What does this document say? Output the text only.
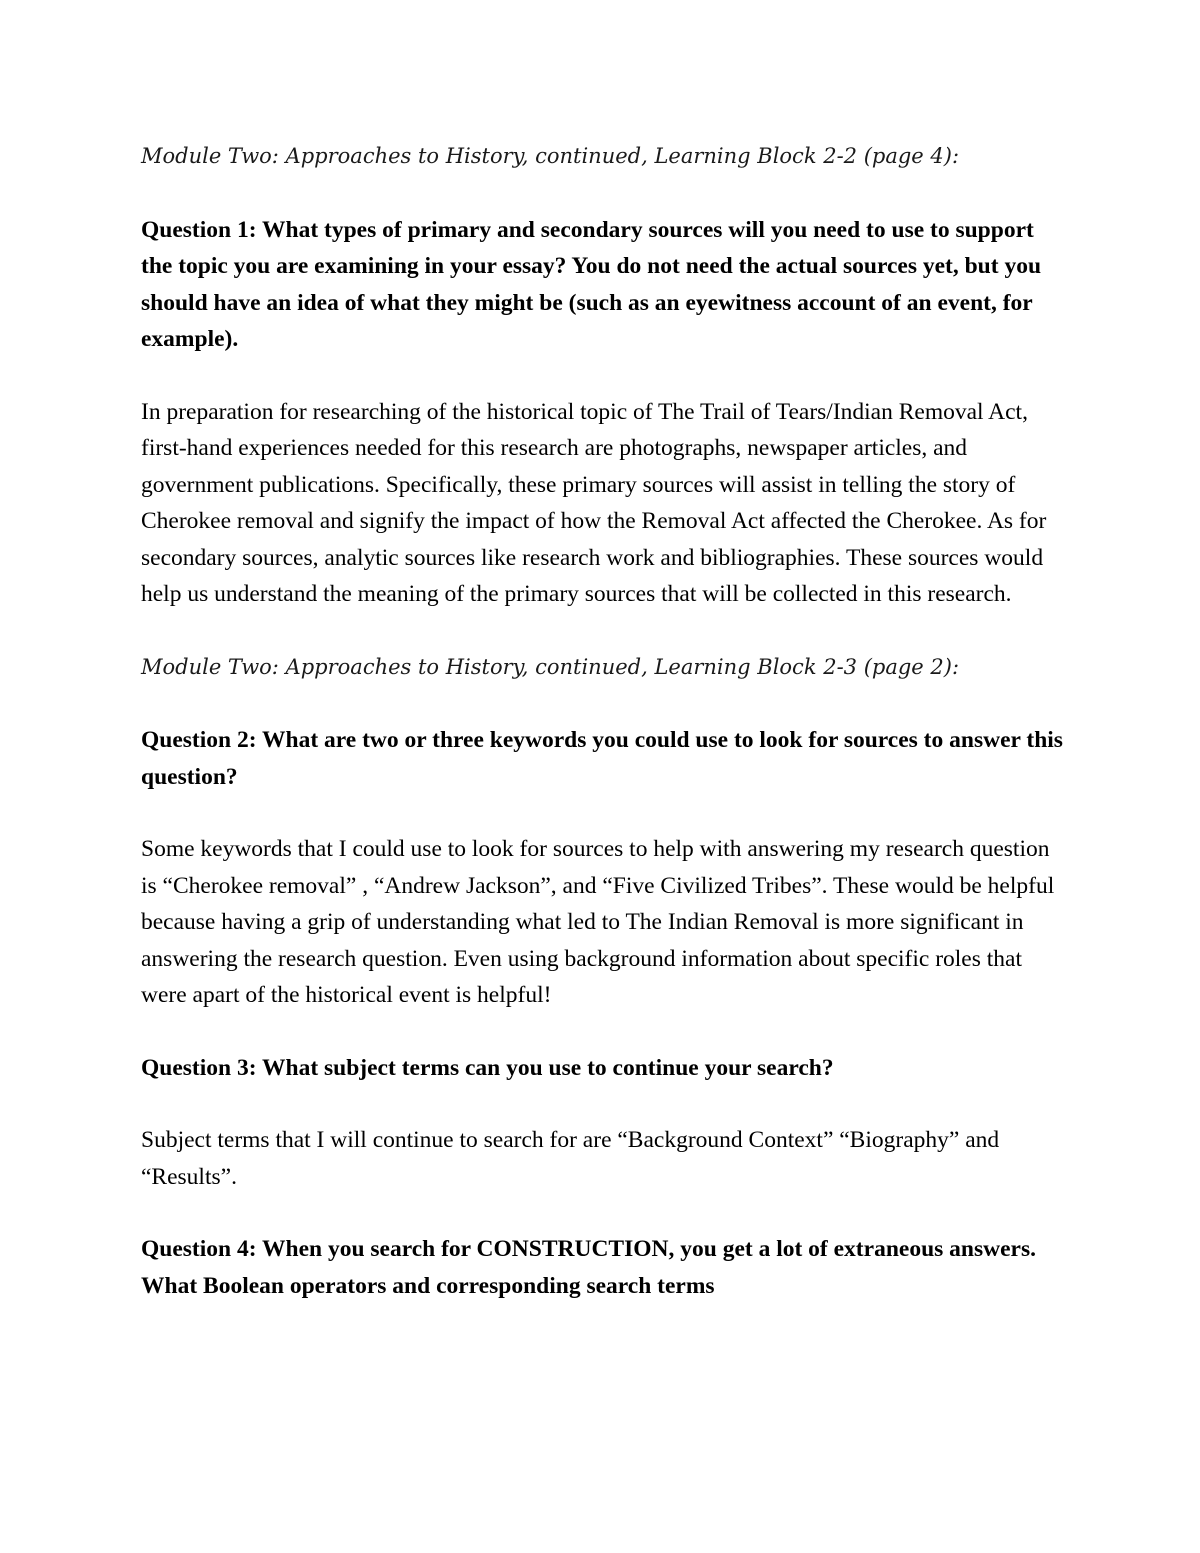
Module Two: Approaches to History, continued, Learning Block 2-2 (page 4):

Question 1: What types of primary and secondary sources will you need to use to support the topic you are examining in your essay? You do not need the actual sources yet, but you should have an idea of what they might be (such as an eyewitness account of an event, for example).

In preparation for researching of the historical topic of The Trail of Tears/Indian Removal Act, first-hand experiences needed for this research are photographs, newspaper articles, and government publications. Specifically, these primary sources will assist in telling the story of Cherokee removal and signify the impact of how the Removal Act affected the Cherokee. As for secondary sources, analytic sources like research work and bibliographies. These sources would help us understand the meaning of the primary sources that will be collected in this research.

Module Two: Approaches to History, continued, Learning Block 2-3 (page 2):

Question 2: What are two or three keywords you could use to look for sources to answer this question?

Some keywords that I could use to look for sources to help with answering my research question is “Cherokee removal” , “Andrew Jackson”, and “Five Civilized Tribes”. These would be helpful because having a grip of understanding what led to The Indian Removal is more significant in answering the research question. Even using background information about specific roles that were apart of the historical event is helpful!

Question 3: What subject terms can you use to continue your search?

Subject terms that I will continue to search for are “Background Context” “Biography” and “Results”.

Question 4: When you search for CONSTRUCTION, you get a lot of extraneous answers. What Boolean operators and corresponding search terms
